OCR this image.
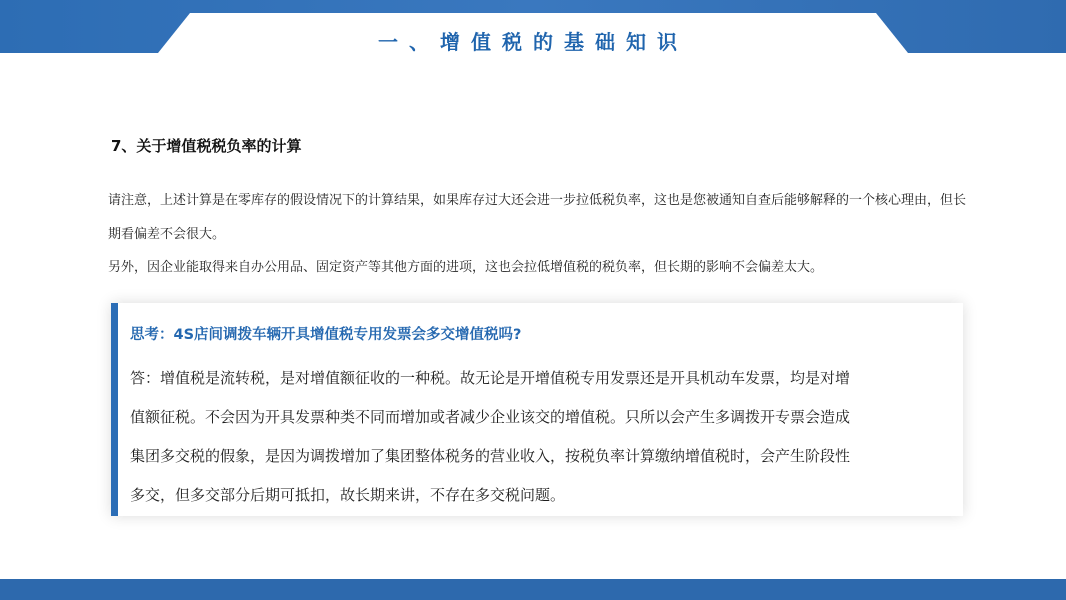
一、增值税的基础知识
7、关于增值税税负率的计算

请注意，上述计算是在零库存的假设情况下的计算结果，如果库存过大还会进一步拉低税负率，这也是您被通知自查后能够解释的一个核心理由，但长期看偏差不会很大。

另外，因企业能取得来自办公用品、固定资产等其他方面的进项，这也会拉低增值税的税负率，但长期的影响不会偏差太大。

思考：4S店间调拨车辆开具增值税专用发票会多交增值税吗?
答：增值税是流转税，是对增值额征收的一种税。故无论是开增值税专用发票还是开具机动车发票，均是对增
值额征税。不会因为开具发票种类不同而增加或者减少企业该交的增值税。只所以会产生多调拨开专票会造成
集团多交税的假象，是因为调拨增加了集团整体税务的营业收入，按税负率计算缴纳增值税时，会产生阶段性
多交，但多交部分后期可抵扣，故长期来讲，不存在多交税问题。
